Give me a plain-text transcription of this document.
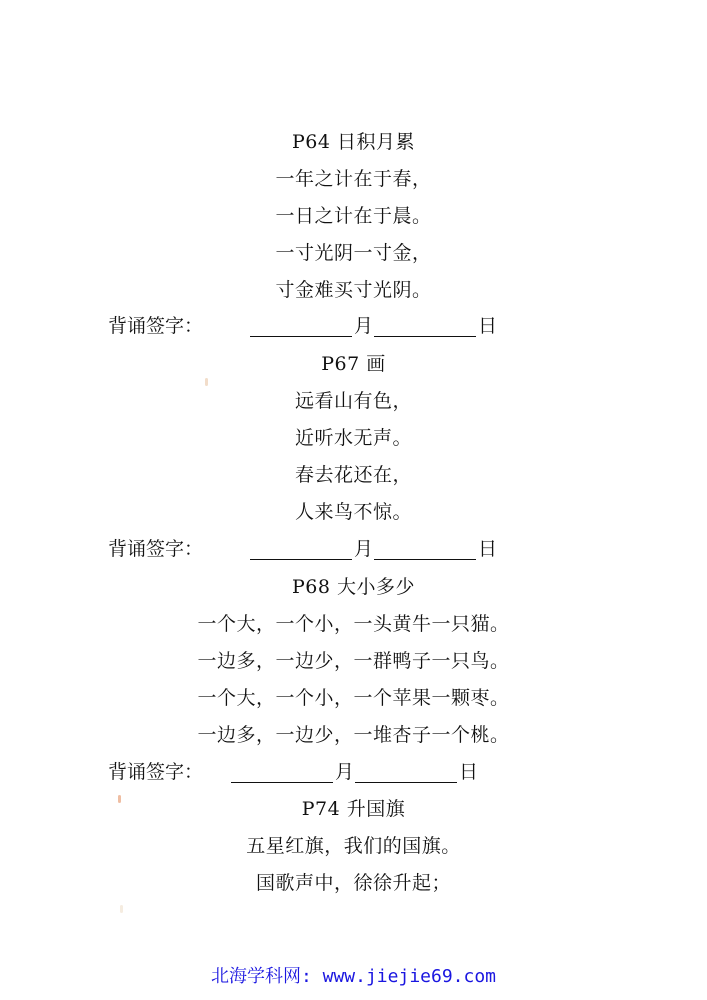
P64 日积月累
一年之计在于春，
一日之计在于晨。
一寸光阴一寸金，
寸金难买寸光阴。
背诵签字：	月	日
P67 画
远看山有色，
近听水无声。
春去花还在，
人来鸟不惊。
背诵签字：	月	日
P68 大小多少
一个大，一个小，一头黄牛一只猫。
一边多，一边少，一群鸭子一只鸟。
一个大，一个小，一个苹果一颗枣。
一边多，一边少，一堆杏子一个桃。
背诵签字：	月	日
P74 升国旗
五星红旗，我们的国旗。
国歌声中，徐徐升起；
北海学科网: www.jiejie69.com
